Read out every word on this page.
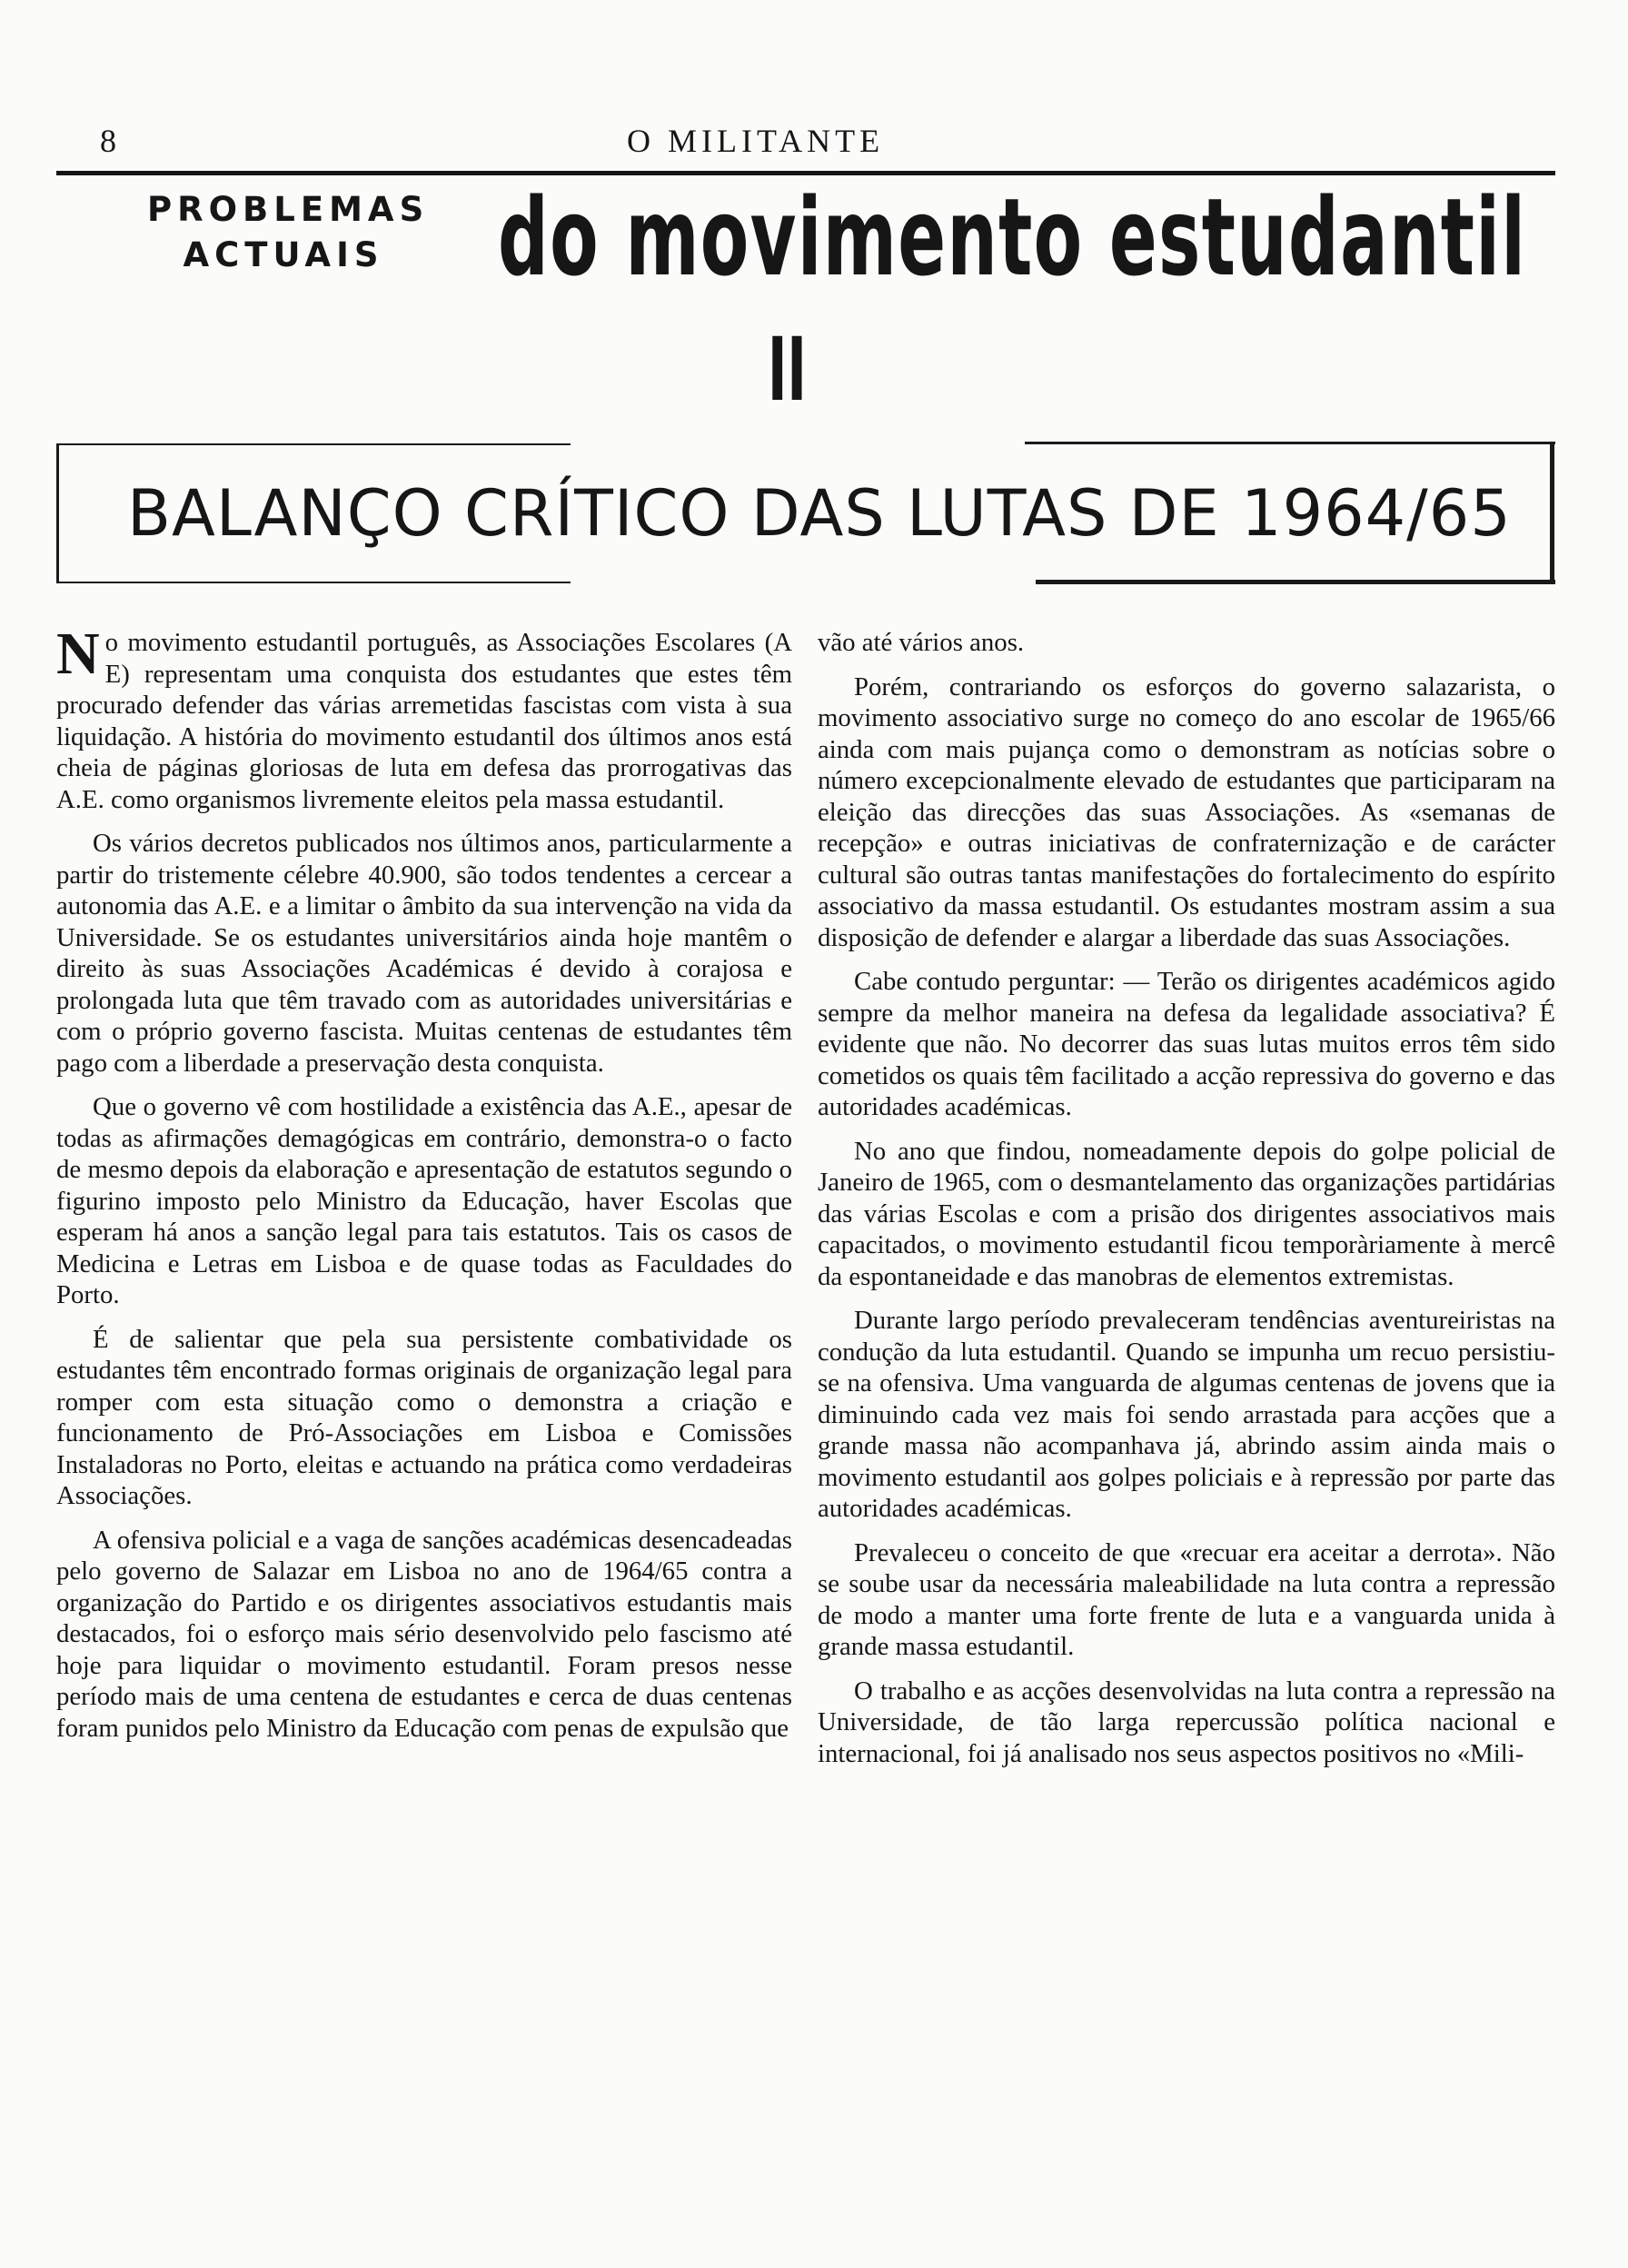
8	O MILITANTE
PROBLEMAS
ACTUAIS	do movimento estudantil
II
BALANÇO CRÍTICO DAS LUTAS DE 1964/65

No movimento estudantil português, as Associações Escolares (A E) representam uma conquista dos estudantes que estes têm procurado defender das várias arremetidas fascistas com vista à sua liquidação. A história do movimento estudantil dos últimos anos está cheia de páginas gloriosas de luta em defesa das prorrogativas das A.E. como organismos livremente eleitos pela massa estudantil.

Os vários decretos publicados nos últimos anos, particularmente a partir do tristemente célebre 40.900, são todos tendentes a cercear a autonomia das A.E. e a limitar o âmbito da sua intervenção na vida da Universidade. Se os estudantes universitários ainda hoje mantêm o direito às suas Associações Académicas é devido à corajosa e prolongada luta que têm travado com as autoridades universitárias e com o próprio governo fascista. Muitas centenas de estudantes têm pago com a liberdade a preservação desta conquista.

Que o governo vê com hostilidade a existência das A.E., apesar de todas as afirmações demagógicas em contrário, demonstra-o o facto de mesmo depois da elaboração e apresentação de estatutos segundo o figurino imposto pelo Ministro da Educação, haver Escolas que esperam há anos a sanção legal para tais estatutos. Tais os casos de Medicina e Letras em Lisboa e de quase todas as Faculdades do Porto.

É de salientar que pela sua persistente combatividade os estudantes têm encontrado formas originais de organização legal para romper com esta situação como o demonstra a criação e funcionamento de Pró-Associações em Lisboa e Comissões Instaladoras no Porto, eleitas e actuando na prática como verdadeiras Associações.

A ofensiva policial e a vaga de sanções académicas desencadeadas pelo governo de Salazar em Lisboa no ano de 1964/65 contra a organização do Partido e os dirigentes associativos estudantis mais destacados, foi o esforço mais sério desenvolvido pelo fascismo até hoje para liquidar o movimento estudantil. Foram presos nesse período mais de uma centena de estudantes e cerca de duas centenas foram punidos pelo Ministro da Educação com penas de expulsão que

vão até vários anos.

Porém, contrariando os esforços do governo salazarista, o movimento associativo surge no começo do ano escolar de 1965/66 ainda com mais pujança como o demonstram as notícias sobre o número excepcionalmente elevado de estudantes que participaram na eleição das direcções das suas Associações. As «semanas de recepção» e outras iniciativas de confraternização e de carácter cultural são outras tantas manifestações do fortalecimento do espírito associativo da massa estudantil. Os estudantes mostram assim a sua disposição de defender e alargar a liberdade das suas Associações.

Cabe contudo perguntar: — Terão os dirigentes académicos agido sempre da melhor maneira na defesa da legalidade associativa? É evidente que não. No decorrer das suas lutas muitos erros têm sido cometidos os quais têm facilitado a acção repressiva do governo e das autoridades académicas.

No ano que findou, nomeadamente depois do golpe policial de Janeiro de 1965, com o desmantelamento das organizações partidárias das várias Escolas e com a prisão dos dirigentes associativos mais capacitados, o movimento estudantil ficou temporàriamente à mercê da espontaneidade e das manobras de elementos extremistas.

Durante largo período prevaleceram tendências aventureiristas na condução da luta estudantil. Quando se impunha um recuo persistiu-se na ofensiva. Uma vanguarda de algumas centenas de jovens que ia diminuindo cada vez mais foi sendo arrastada para acções que a grande massa não acompanhava já, abrindo assim ainda mais o movimento estudantil aos golpes policiais e à repressão por parte das autoridades académicas.

Prevaleceu o conceito de que «recuar era aceitar a derrota». Não se soube usar da necessária maleabilidade na luta contra a repressão de modo a manter uma forte frente de luta e a vanguarda unida à grande massa estudantil.

O trabalho e as acções desenvolvidas na luta contra a repressão na Universidade, de tão larga repercussão política nacional e internacional, foi já analisado nos seus aspectos positivos no «Mili-
